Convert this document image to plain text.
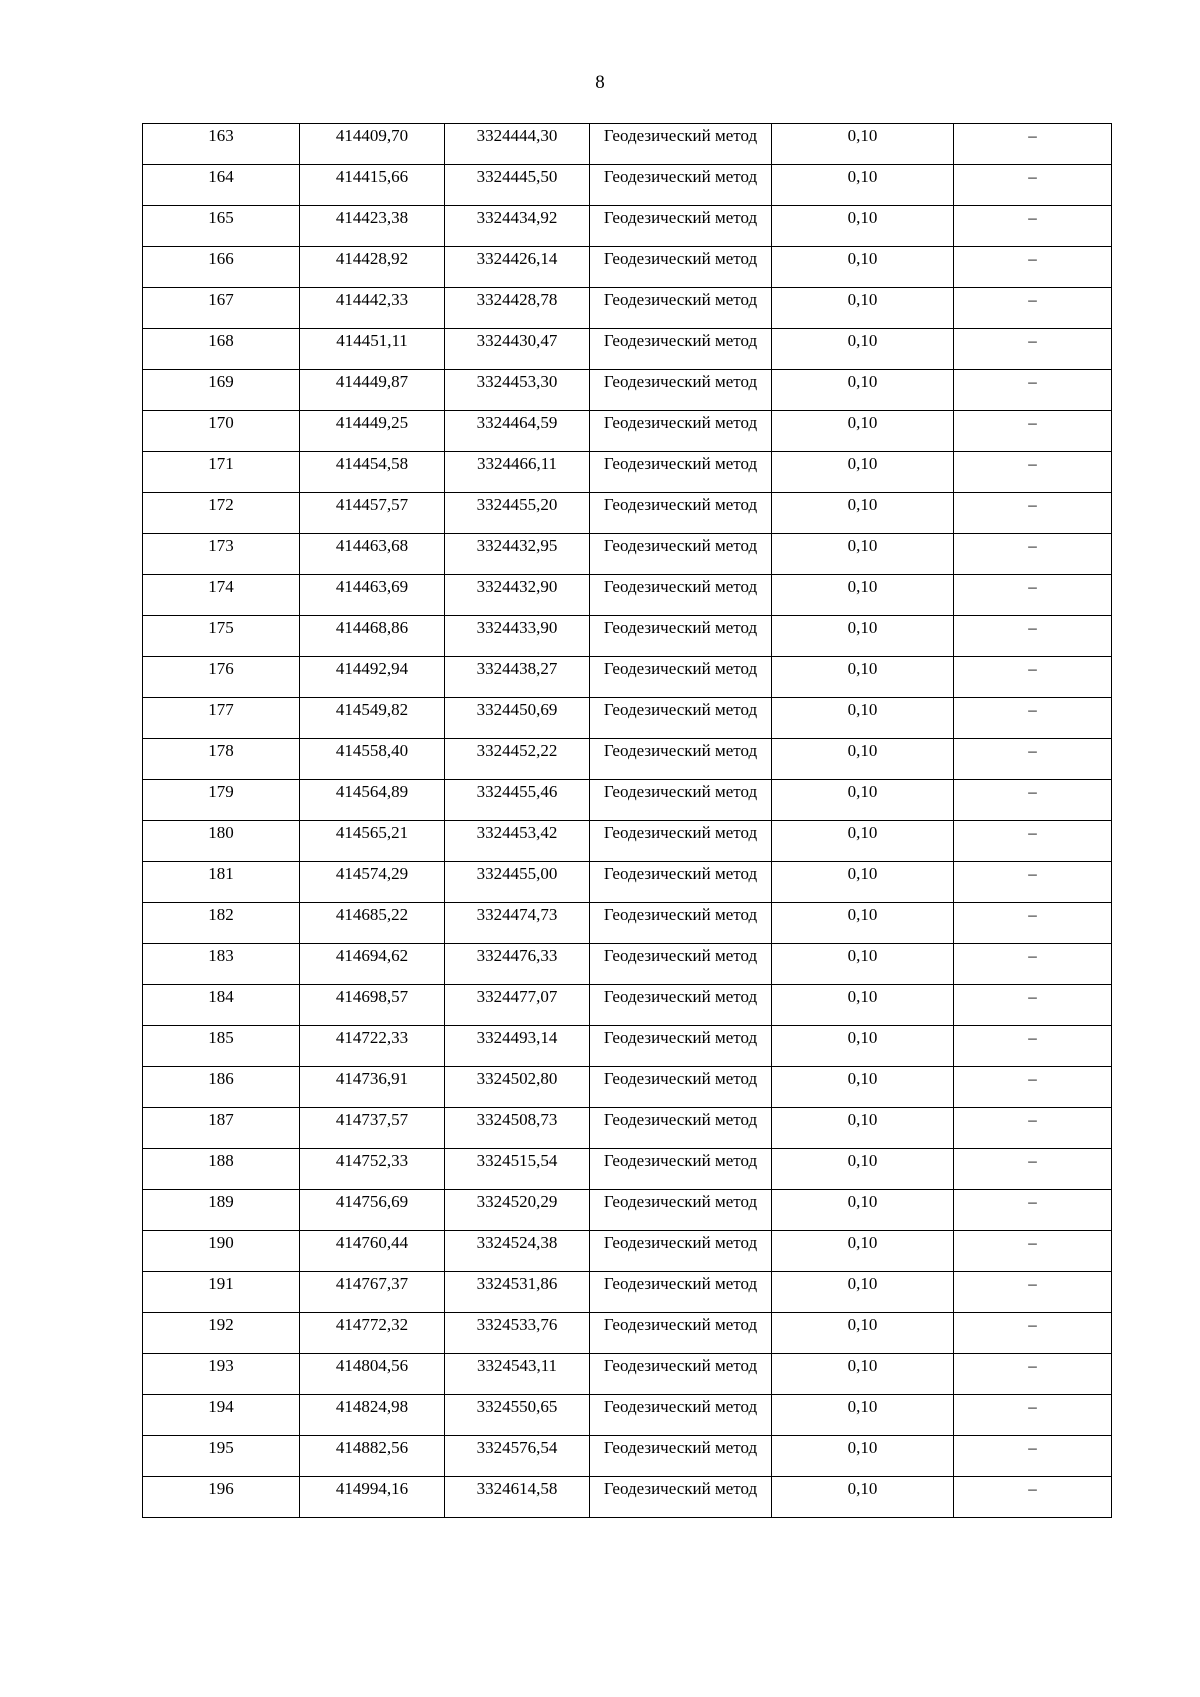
8
163	414409,70	3324444,30	Геодезический метод	0,10	–
164	414415,66	3324445,50	Геодезический метод	0,10	–
165	414423,38	3324434,92	Геодезический метод	0,10	–
166	414428,92	3324426,14	Геодезический метод	0,10	–
167	414442,33	3324428,78	Геодезический метод	0,10	–
168	414451,11	3324430,47	Геодезический метод	0,10	–
169	414449,87	3324453,30	Геодезический метод	0,10	–
170	414449,25	3324464,59	Геодезический метод	0,10	–
171	414454,58	3324466,11	Геодезический метод	0,10	–
172	414457,57	3324455,20	Геодезический метод	0,10	–
173	414463,68	3324432,95	Геодезический метод	0,10	–
174	414463,69	3324432,90	Геодезический метод	0,10	–
175	414468,86	3324433,90	Геодезический метод	0,10	–
176	414492,94	3324438,27	Геодезический метод	0,10	–
177	414549,82	3324450,69	Геодезический метод	0,10	–
178	414558,40	3324452,22	Геодезический метод	0,10	–
179	414564,89	3324455,46	Геодезический метод	0,10	–
180	414565,21	3324453,42	Геодезический метод	0,10	–
181	414574,29	3324455,00	Геодезический метод	0,10	–
182	414685,22	3324474,73	Геодезический метод	0,10	–
183	414694,62	3324476,33	Геодезический метод	0,10	–
184	414698,57	3324477,07	Геодезический метод	0,10	–
185	414722,33	3324493,14	Геодезический метод	0,10	–
186	414736,91	3324502,80	Геодезический метод	0,10	–
187	414737,57	3324508,73	Геодезический метод	0,10	–
188	414752,33	3324515,54	Геодезический метод	0,10	–
189	414756,69	3324520,29	Геодезический метод	0,10	–
190	414760,44	3324524,38	Геодезический метод	0,10	–
191	414767,37	3324531,86	Геодезический метод	0,10	–
192	414772,32	3324533,76	Геодезический метод	0,10	–
193	414804,56	3324543,11	Геодезический метод	0,10	–
194	414824,98	3324550,65	Геодезический метод	0,10	–
195	414882,56	3324576,54	Геодезический метод	0,10	–
196	414994,16	3324614,58	Геодезический метод	0,10	–
